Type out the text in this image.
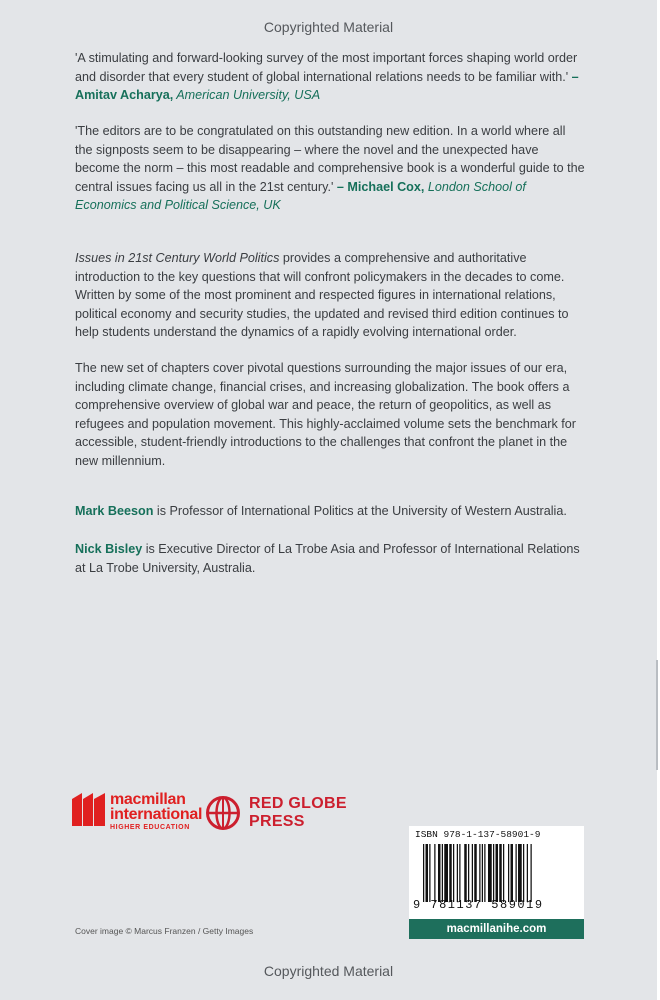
Copyrighted Material

'A stimulating and forward-looking survey of the most important forces shaping world order and disorder that every student of global international relations needs to be familiar with.' – Amitav Acharya, American University, USA

'The editors are to be congratulated on this outstanding new edition. In a world where all the signposts seem to be disappearing – where the novel and the unexpected have become the norm – this most readable and comprehensive book is a wonderful guide to the central issues facing us all in the 21st century.' – Michael Cox, London School of Economics and Political Science, UK

Issues in 21st Century World Politics provides a comprehensive and authoritative introduction to the key questions that will confront policymakers in the decades to come. Written by some of the most prominent and respected figures in international relations, political economy and security studies, the updated and revised third edition continues to help students understand the dynamics of a rapidly evolving international order.

The new set of chapters cover pivotal questions surrounding the major issues of our era, including climate change, financial crises, and increasing globalization. The book offers a comprehensive overview of global war and peace, the return of geopolitics, as well as refugees and population movement. This highly-acclaimed volume sets the benchmark for accessible, student-friendly introductions to the challenges that confront the planet in the new millennium.

Mark Beeson is Professor of International Politics at the University of Western Australia.

Nick Bisley is Executive Director of La Trobe Asia and Professor of International Relations at La Trobe University, Australia.

macmillan
international
HIGHER EDUCATION
RED GLOBE
PRESS
ISBN 978-1-137-58901-9
9 781137 589019
macmillanihe.com
Cover image © Marcus Franzen / Getty Images
Copyrighted Material
